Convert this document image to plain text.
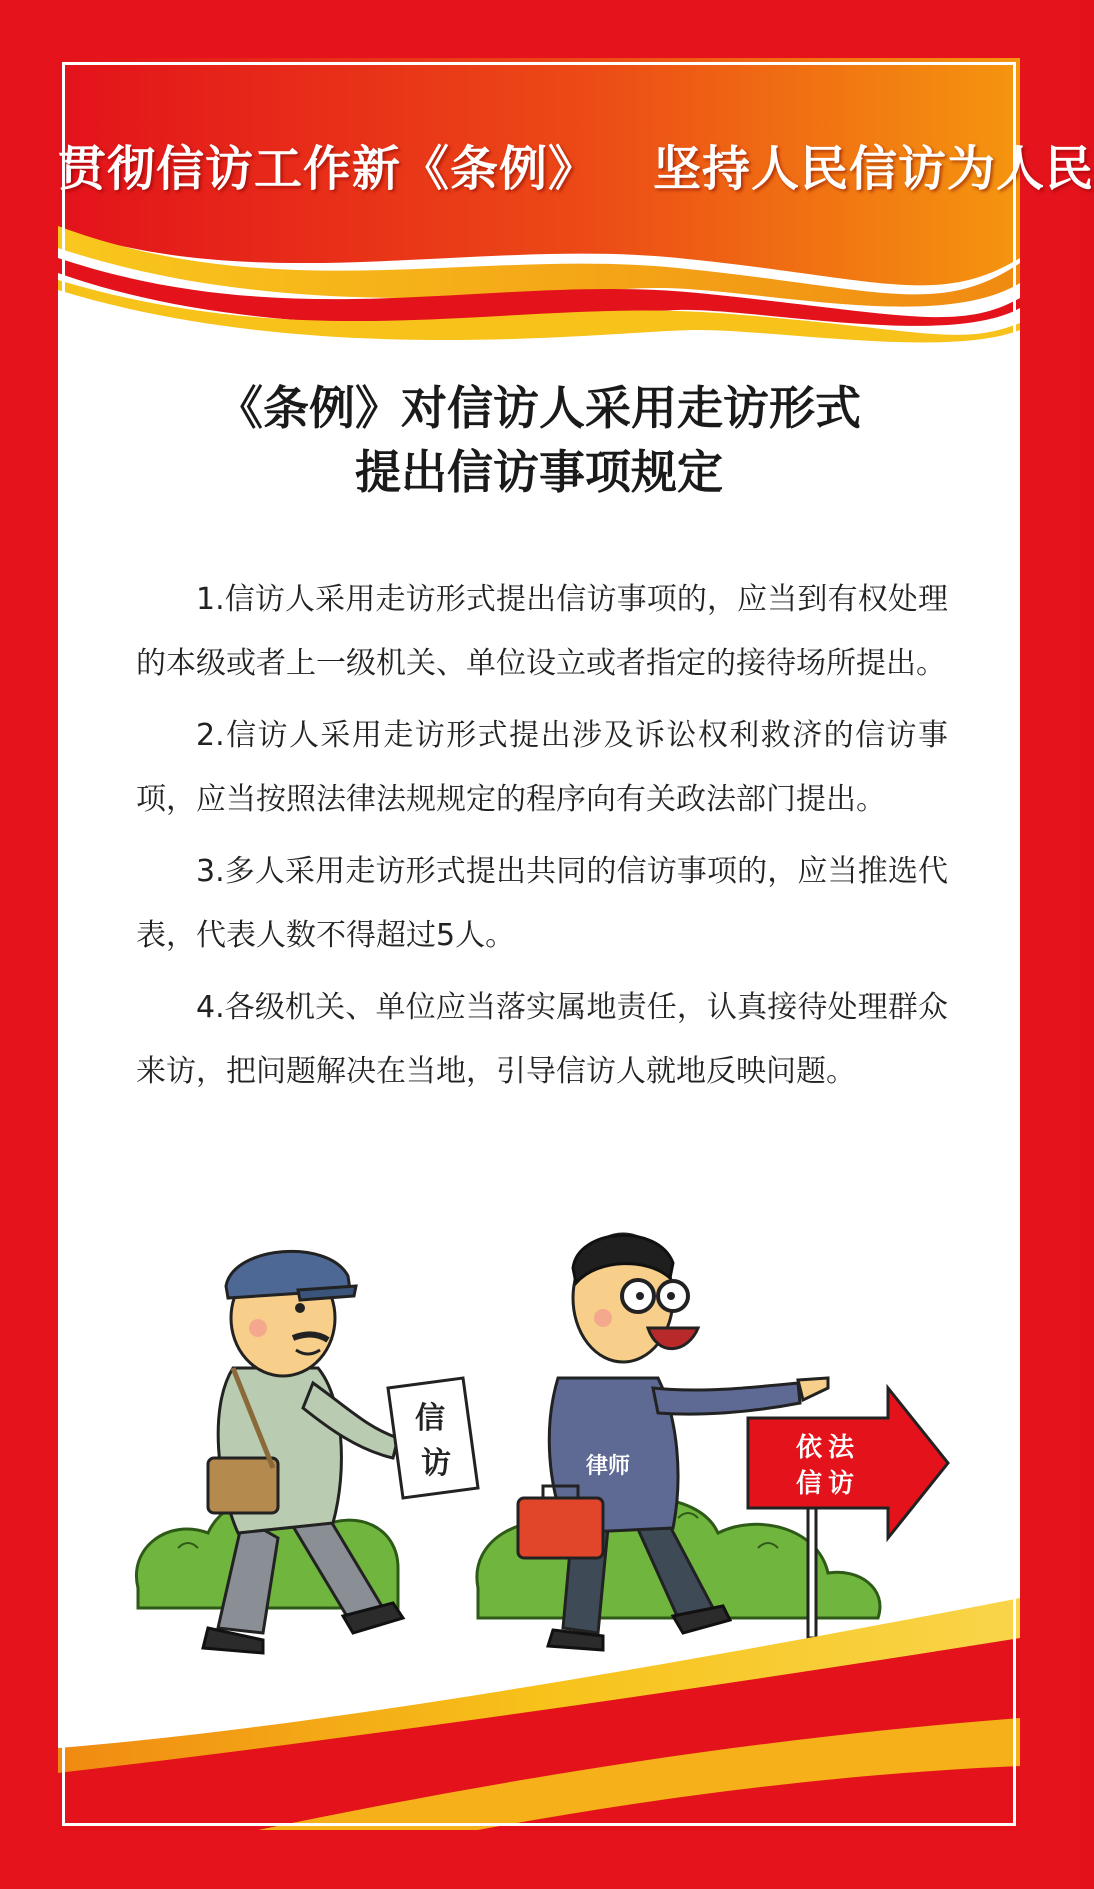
贯彻信访工作新《条例》 坚持人民信访为人民
《条例》对信访人采用走访形式
提出信访事项规定

1.信访人采用走访形式提出信访事项的，应当到有权处理的本级或者上一级机关、单位设立或者指定的接待场所提出。

2.信访人采用走访形式提出涉及诉讼权利救济的信访事项，应当按照法律法规规定的程序向有关政法部门提出。

3.多人采用走访形式提出共同的信访事项的，应当推选代表，代表人数不得超过5人。

4.各级机关、单位应当落实属地责任，认真接待处理群众来访，把问题解决在当地，引导信访人就地反映问题。

信
访	律师
依法
信访
